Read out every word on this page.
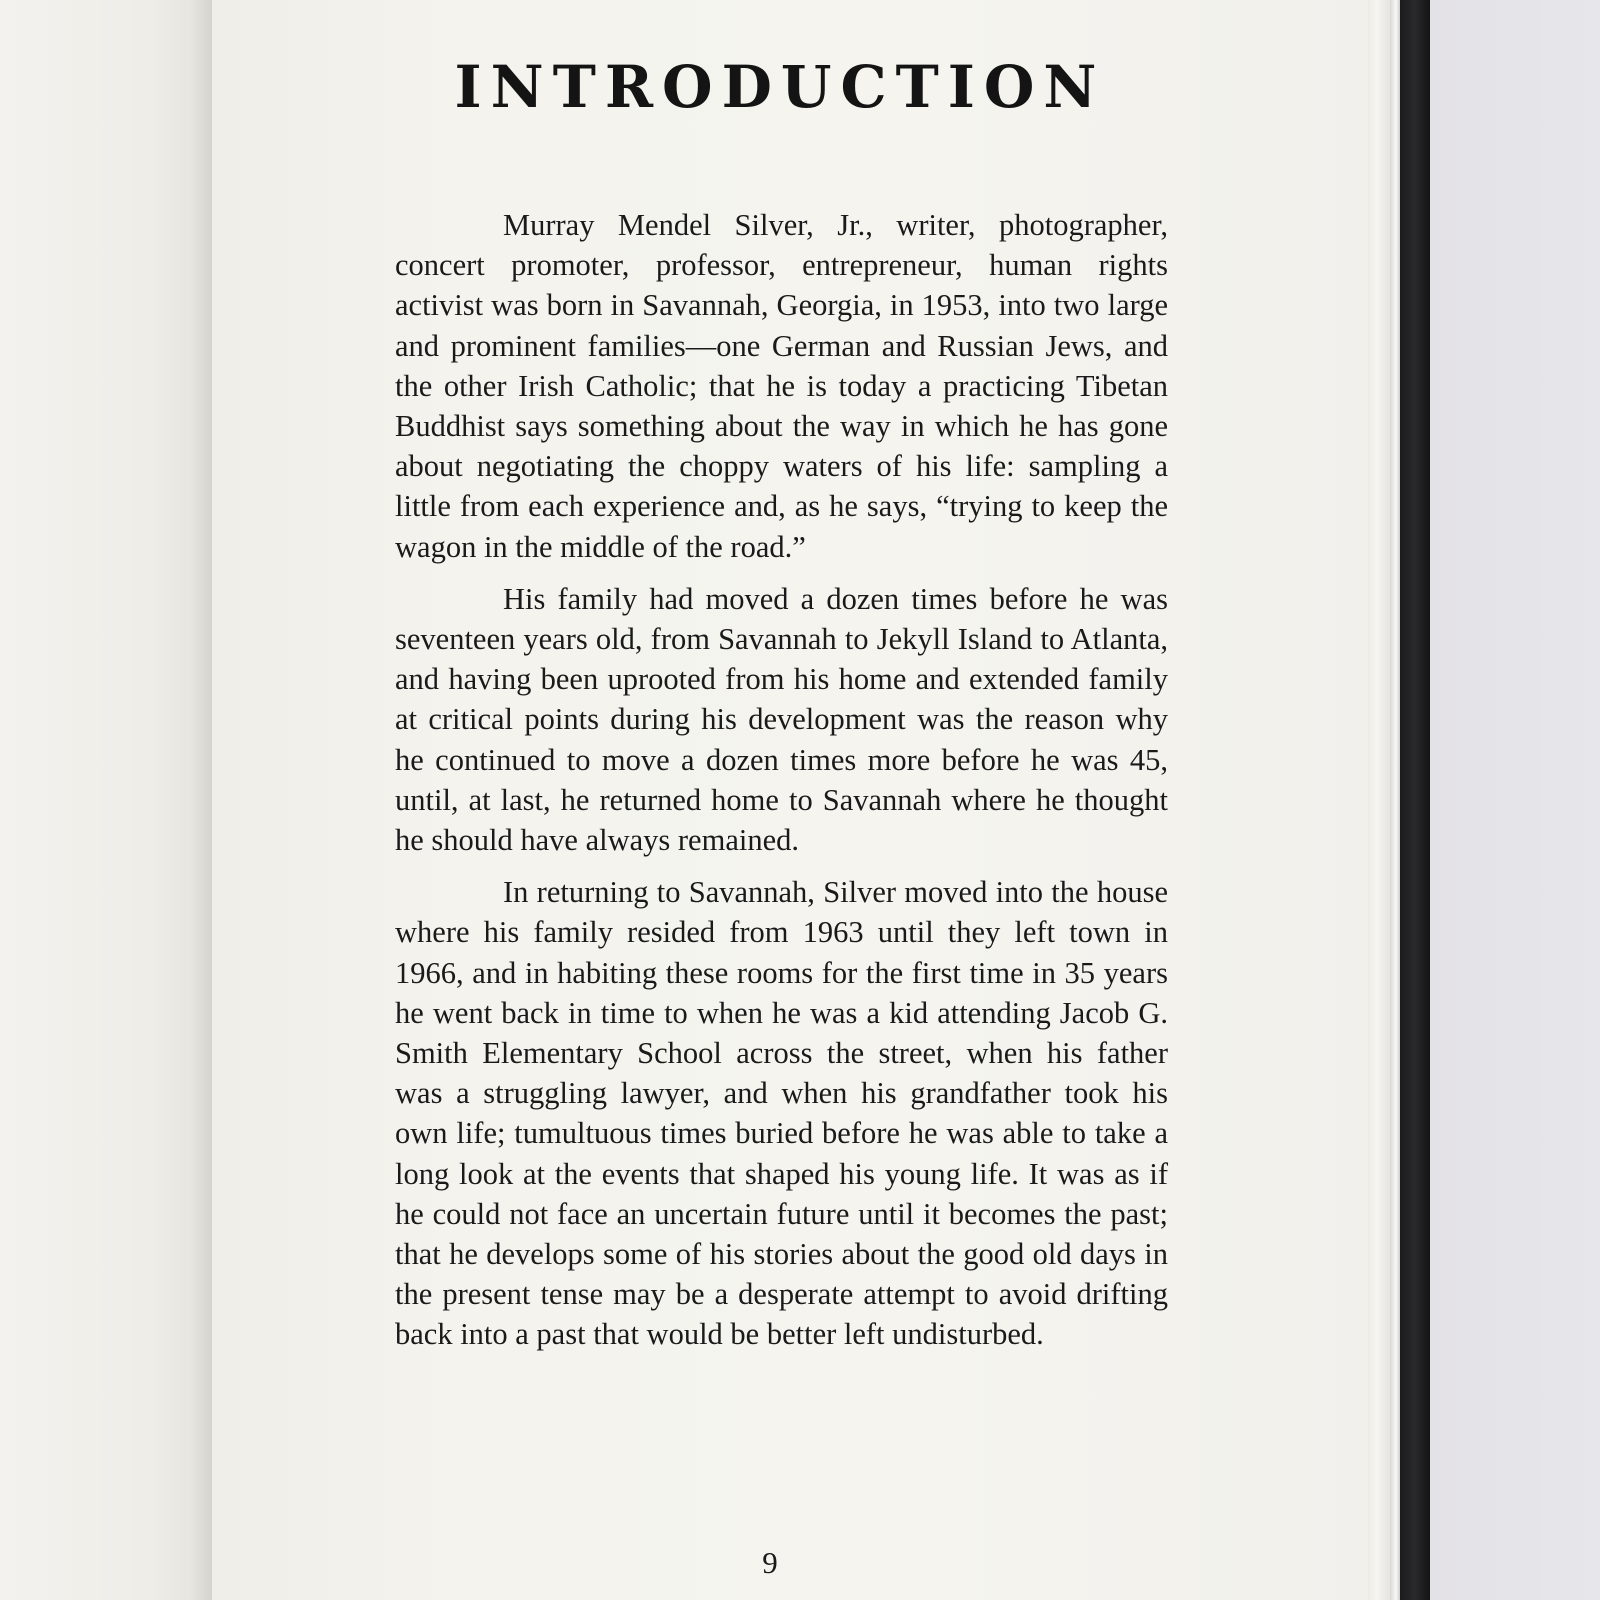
INTRODUCTION

Murray Mendel Silver, Jr., writer, photographer, concert promoter, professor, entrepreneur, human rights activist was born in Savannah, Georgia, in 1953, into two large and prominent families—one German and Russian Jews, and the other Irish Catholic; that he is today a practicing Tibetan Buddhist says something about the way in which he has gone about negotiating the choppy waters of his life: sampling a little from each experience and, as he says, “trying to keep the wagon in the middle of the road.”

His family had moved a dozen times before he was seventeen years old, from Savannah to Jekyll Island to Atlanta, and having been uprooted from his home and extended family at critical points during his development was the reason why he continued to move a dozen times more before he was 45, until, at last, he returned home to Savannah where he thought he should have always remained.

In returning to Savannah, Silver moved into the house where his family resided from 1963 until they left town in 1966, and in habiting these rooms for the first time in 35 years he went back in time to when he was a kid attending Jacob G. Smith Elementary School across the street, when his father was a struggling lawyer, and when his grandfather took his own life; tumultuous times buried before he was able to take a long look at the events that shaped his young life. It was as if he could not face an uncertain future until it becomes the past; that he develops some of his stories about the good old days in the present tense may be a desperate attempt to avoid drifting back into a past that would be better left undisturbed.

9
